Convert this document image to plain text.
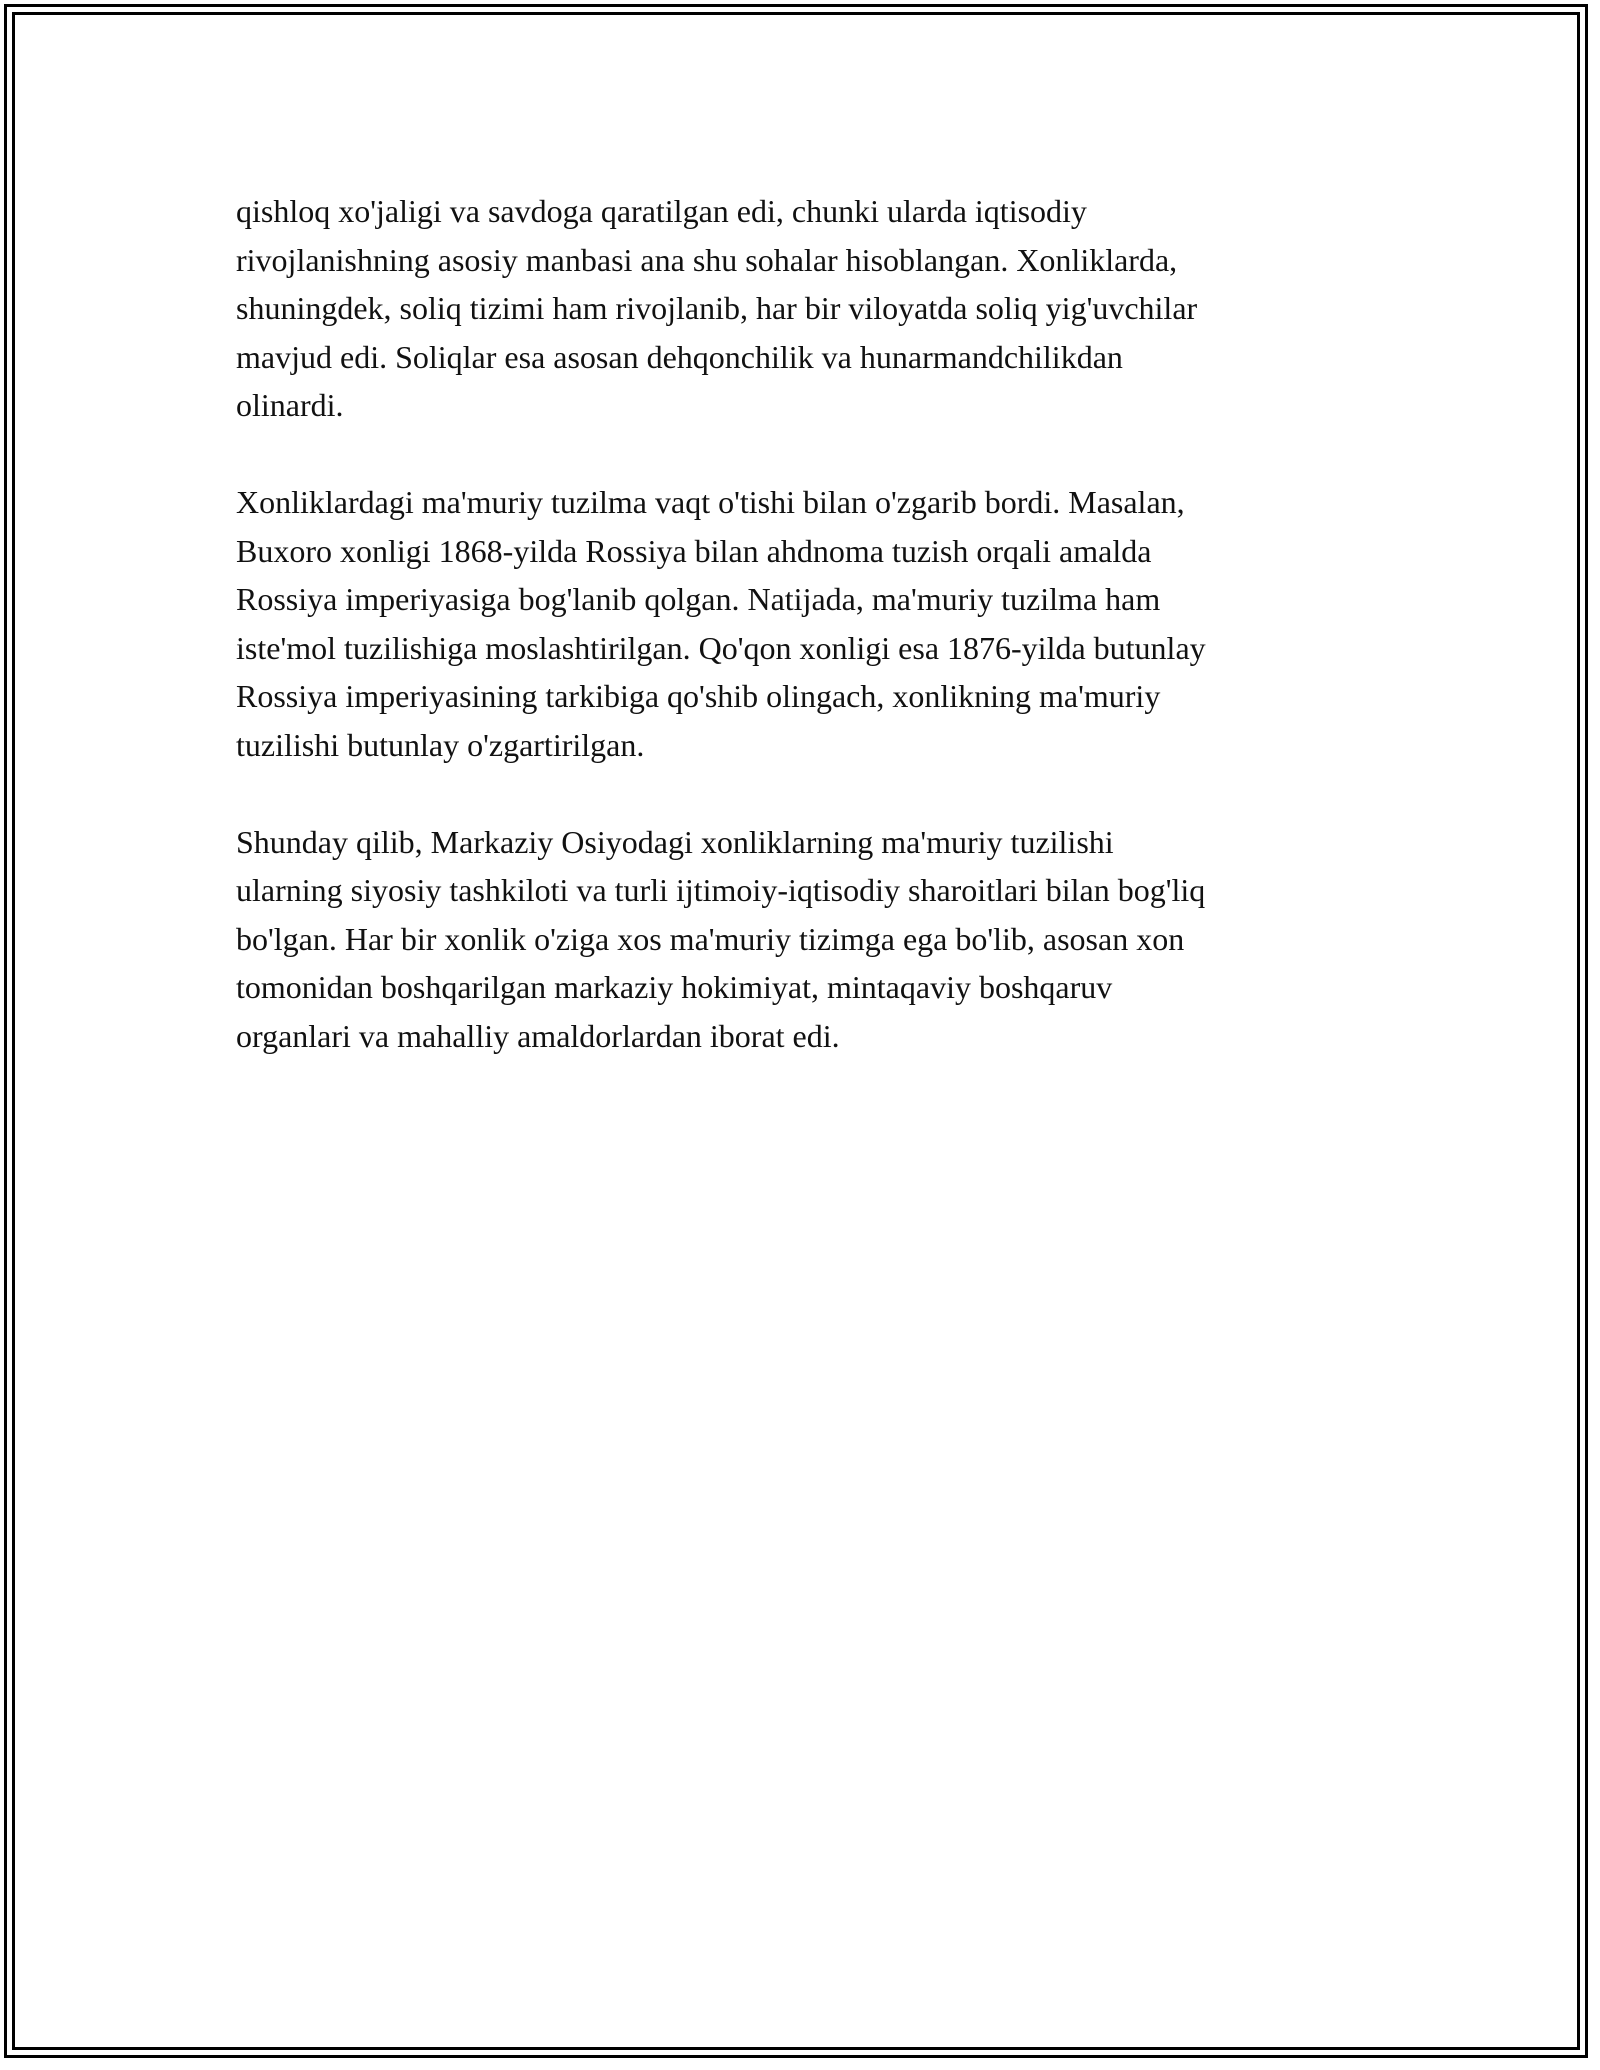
qishloq xo'jaligi va savdoga qaratilgan edi, chunki ularda iqtisodiy
rivojlanishning asosiy manbasi ana shu sohalar hisoblangan. Xonliklarda,
shuningdek, soliq tizimi ham rivojlanib, har bir viloyatda soliq yig'uvchilar
mavjud edi. Soliqlar esa asosan dehqonchilik va hunarmandchilikdan
olinardi.

Xonliklardagi ma'muriy tuzilma vaqt o'tishi bilan o'zgarib bordi. Masalan,
Buxoro xonligi 1868-yilda Rossiya bilan ahdnoma tuzish orqali amalda
Rossiya imperiyasiga bog'lanib qolgan. Natijada, ma'muriy tuzilma ham
iste'mol tuzilishiga moslashtirilgan. Qo'qon xonligi esa 1876-yilda butunlay
Rossiya imperiyasining tarkibiga qo'shib olingach, xonlikning ma'muriy
tuzilishi butunlay o'zgartirilgan.

Shunday qilib, Markaziy Osiyodagi xonliklarning ma'muriy tuzilishi
ularning siyosiy tashkiloti va turli ijtimoiy-iqtisodiy sharoitlari bilan bog'liq
bo'lgan. Har bir xonlik o'ziga xos ma'muriy tizimga ega bo'lib, asosan xon
tomonidan boshqarilgan markaziy hokimiyat, mintaqaviy boshqaruv
organlari va mahalliy amaldorlardan iborat edi.
